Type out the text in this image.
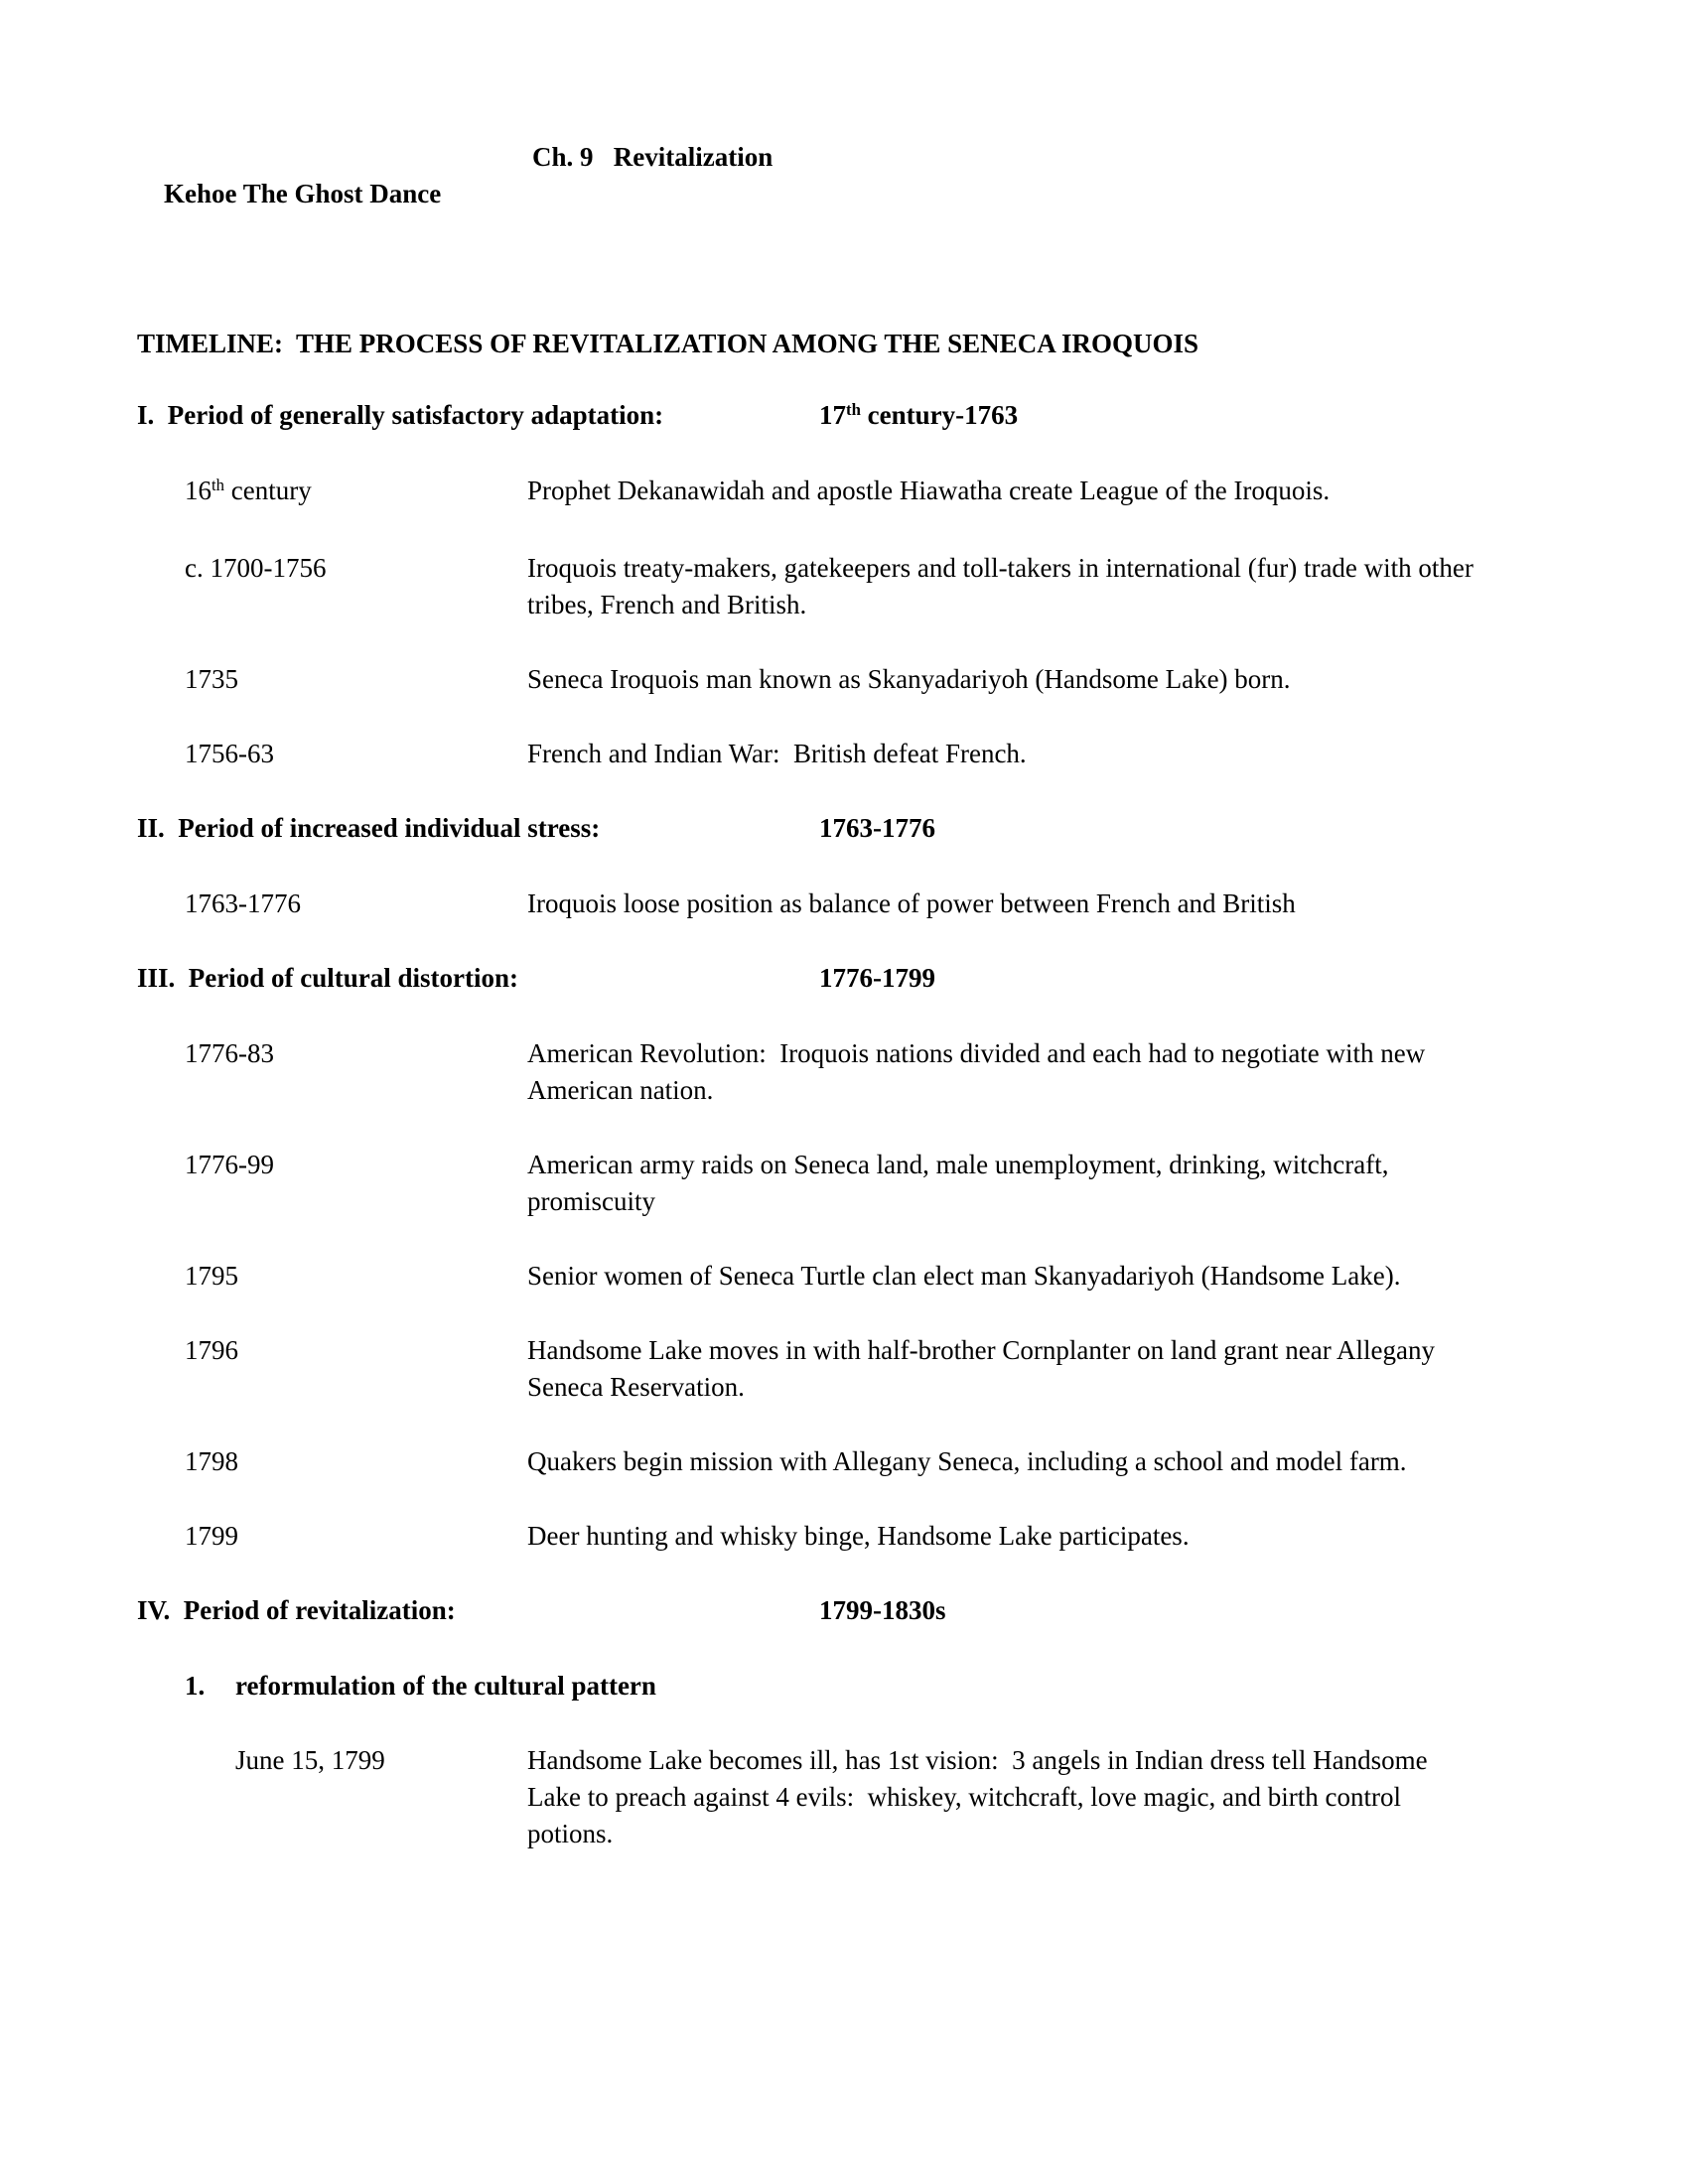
Kehoe The Ghost Dance

Ch. 9   Revitalization

TIMELINE:  THE PROCESS OF REVITALIZATION AMONG THE SENECA IROQUOIS
I.  Period of generally satisfactory adaptation:	17th century-1763
16th century	Prophet Dekanawidah and apostle Hiawatha create League of the Iroquois.
c. 1700-1756	Iroquois treaty-makers, gatekeepers and toll-takers in international (fur) trade with other tribes, French and British.
1735	Seneca Iroquois man known as Skanyadariyoh (Handsome Lake) born.
1756-63	French and Indian War:  British defeat French.
II.  Period of increased individual stress:	1763-1776
1763-1776	Iroquois loose position as balance of power between French and British
III.  Period of cultural distortion:	1776-1799
1776-83	American Revolution:  Iroquois nations divided and each had to negotiate with new American nation.
1776-99	American army raids on Seneca land, male unemployment, drinking, witchcraft, promiscuity
1795	Senior women of Seneca Turtle clan elect man Skanyadariyoh (Handsome Lake).
1796	Handsome Lake moves in with half-brother Cornplanter on land grant near Allegany Seneca Reservation.
1798	Quakers begin mission with Allegany Seneca, including a school and model farm.
1799	Deer hunting and whisky binge, Handsome Lake participates.
IV.  Period of revitalization:	1799-1830s
1.	reformulation of the cultural pattern
June 15, 1799	Handsome Lake becomes ill, has 1st vision:  3 angels in Indian dress tell Handsome Lake to preach against 4 evils:  whiskey, witchcraft, love magic, and birth control potions.
